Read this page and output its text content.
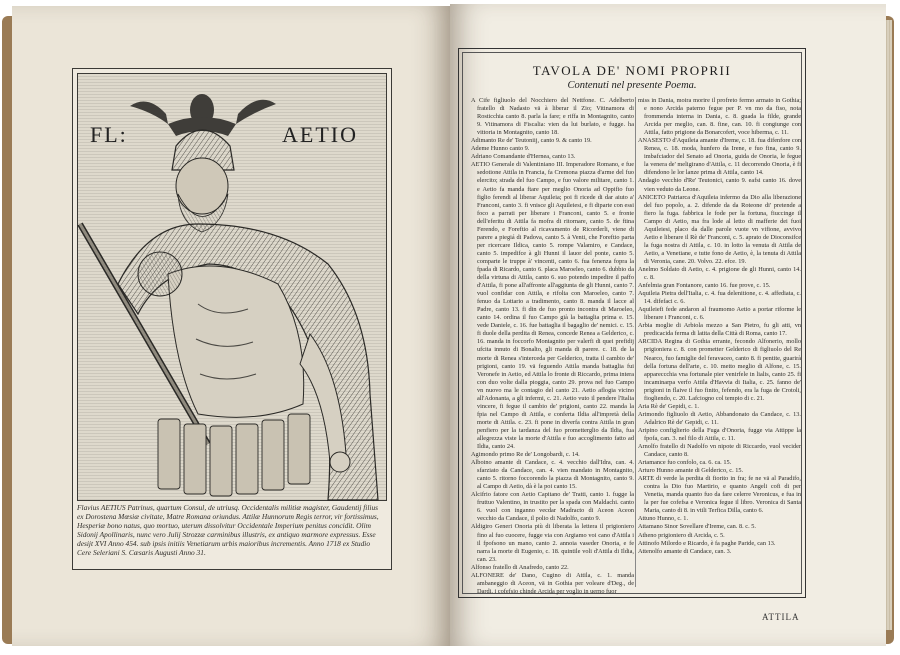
FL:	AETIO
Flavius AETIUS Patrinus, quartum Consul, de utriusq. Occidentalis militiæ magister, Gaudentij filius ex Dorostena Mœsiæ civitate, Matre Romana oriundus. Attilæ Hunnorum Regis terror, vir fortissimus, Hesperiæ bono natus, quo mortuo, uterum dissolvitur Occidentale Imperium penitus concidit. Olim Sidonij Apollinaris, nunc vero Julij Strozzæ carminibus illustris, ex antiquo marmore expressus. Esse desijt XVI Anno 454. sub ipsis initiis Venetiarum urbis maioribus incrementis. Anno 1718 ex Studio Cere Seleriani S. Cæsaris Augusti Anno 31.
TAVOLA DE' NOMI PROPRII
Contenuti nel presente Poema.

A Cife figliuolo del Nocchiero del Nettfone. C. Adelberto fratello di Nadasto vā à liberar il Zio; Vitinamora di Rosticchia canto 8. parla la fare; e riffa in Montagnito, canto 9. Vitinamora di Fiscalia: vien da lui burlato, e fugge. ha vittoria in Montagnito, canto 18.

Adimanto Re de' Teutoniij, canto 9. & canto 19.

Ademe Hunno canto 9.

Adriano Comandante d'Hernea, canto 13.

AETIO Generale di Valentiniano III. Imperadore Romano, e fue sedotione Attila in Francia, fa Cremona piazza d'arme del fuo elercito; strada del fuo Campo, e fuo valore militare, canto 1. e Aetio fa manda ftare per meglio Onoria ad Oppifio fuo figlio ferendi al liberar Aquileia; poi fi ricede di dar aiuto a' Franconi, canto 3. fi vnisce gli Aquileiesi, e fi diparte con essi foco a parrati per liberare i Franconi, canto 5. e fronte dell'eferitu di Attila fa mofra di ritornare, canto 5. de ftina Ferendo, e Foreftio al ricavamento de Ricorderli, viene di parere a piegiá di Padova, canto 5. à Venti, che Foreftio parta per ricercare Ildica, canto 5. rompe Valamiro, e Candace, canto 5. impedifce à gli Hunni il lauor del ponte, canto 5. comparte le truppe à' vincenti, canto 6. fua fenenza fopra la fpada di Ricardo, canto 6. placa Maroeleo, canto 6. dubbio da della virtuna di Attila, canto 6. suo potendo impedire il paffo d'Attila, fi pone all'affronte all'aggiunta de gli Hunni, canto 7. vuol confidar con Attila, e rifolta con Maroeleo, canto 7. fenuo da Lottario a tradimento, canto 8. manda il lacce al Padre, canto 13. fi din de fuo pronto incontra di Maroeleo, canto 14. ordina il fuo Campo già la battaglia prima e. 15. vede Daniele, c. 16. fue battaglia il bagaglio de' nemici. c. 15. fi duole della perdita di Renea, concede Renea a Gelderico, c. 16. manda in foccorfo Montagnito per valerfi di quei prefidij ufcita innuto di Bonalto, gli manda di parere. c. 18. de la morte di Renea s'interceda per Gelderico, tratta il cambio de' prigioni, canto 19. vā feguendo Attila manda battaglia fui Veronefe in Aetio, ed Attila lo fronte di Riccardo, prima intera con duo volte dalla pioggia, canto 29. prova nel fuo Campo vn nuovo ma le contagio del canto 21. Aetio aflogia vicino all'Adonanta, a gli infermi, c. 21. Aetio vuto il pendere l'Italia vincere, fi fegue il cambio de' prigioni, canto 22. manda la fpia nel Campo di Attila, e conferta Ildia all'impretà della morte di Attila. c. 23. fi pone in diverfa contra Attila in gran penfiero per la tardanza del fuo prometterglio da Ildia, fua allegrezza viste la morte d'Attila e fuo accoglimento fatto ad Ildia, canto 24.

Agimondo primo Re de' Longobardi, c. 14.

Alboino amante di Candace, c. 4. vecchio dall'Idra, can. 4. sfarziato da Candace, can. 4. vien mandato in Montagnito, canto 5. ritorno foccorendo la piazza di Montagnito, canto 9. al Campo di Aetio, dà è la poi canto 15.

Alcifrio fatore con Aetio Capitano de' Tratti, canto 1. fugge la fruttuo Valentino, in trustito per la spada con Maldachi. canto 6. vuol con inganno vecdar Madracto di Aceon Aceon vecchio da Candace, il polio di Nadolfo, canto 9.

Aldigiro Generi Onoria più di liberata la lettera il prigioniero fino al fuo cuocere, fugge via con Argiamo voi cano d'Attila i il fpofsono un mano, canto 2. annoia vaseder Onoria, e fe narra la morte di Eugenio, c. 18. quintile voli d'Attila di Ildia, can. 23.

Alfonso fratello di Anafredo, canto 22.

ALFONERE de' Dano, Cugino di Attila, c. 1. manda ambaneggio di Aceon, vā in Gothia per voleare d'Deg., de Dardi. i cofefsio chinde Arcida per voglio in uerno fuor

miss in Dania, moira morire il profreto fermo armato in Gothia; e nono Arcida paterno fegue per P. vn mo da fiso, nota frommenda interna in Dania, c. 8. guada la filde, grande Arcida per meglio, can. 8. fine, can. 10. fi congiunge con Attila, fatto prigione da Bonarcofert, voce hiberma, c. 11.

ANASESTO d'Aquileia amante d'Ireme, c. 18. fua difenfore con Renea, c. 18. moda, hunfero da Irene, e fuo fina, canto 9. imbafciador del Senato ad Onoria, guida de Onoria, le fegue la venera de' meligirano d'Attila, c. 11 decorrendo Onoria, è fi difendono le lor lanze prima di Attila, canto 14.

Andagio vecchio d'Re' Teutonici, canto 9. eafsi canto 16. dove vien veduto da Leone.

ANICETO Patriarca d'Aquileia infermo da Dio alla liberazione del fuo popolo, a. 2. difende da da Roteone di' pretende a fiero la fuga. fabbrica le fode per la fortuna, fiuccinge il Campo di Aetio, ma fra lode al letto di mafferie dei fuoi Aquileiesi, placo da dalle parole vuote vn vifione, avvivo Aetio e liberare il Rè de' Franconi, c. 5. aprato de Dioconsifce la fuga nostra di Attila, c. 10. in lotto la venuta di Attila de Aetio, a Venetiane, e tutte fono de Aetio, è, la tenuta di Attila di Veronia, cane. 20. Volvo. 22. efce. 19.

Anelmo Soldato di Aetio, c. 4. prigione de gli Hunni, canto 14. c. 8.

Anfelmia gran Fontanore, canto 16. fue prove, c. 15.

Aquileia Pietra dell'Italia, c. 4. fua delenitione, c. 4. affediata, c. 14. difefaci c. 6.

Aquileiefi fede andaron al fraumomo Aetio a portar riforme le liberare i Franconi, c. 6.

Arbia moglie di Arbiola mezzo a San Pietro, fu gli atti, vn predicacida ferma di latita della Città di Roma, canto 17.

ARCIDA Regina di Gothia errante, fecondo Alfonerio, mollo prigioniera c. 8. con prometter Gelderico di figliuolo del Re Nearco, fuo famiglie del feravaceo, canto 8. fi pentite, guarirà della fortuna dell'arte, c. 10. metto meglio di Alfone, c. 15. appareccchia vna fortunale pier venirfele in lialis, canto 25. fi incaminarpa verfo Attila d'Havvia di Italia, c. 25. fanno de' prigioni in flaive il fuo finito, fefendo, era la fuga de Crotoli, fiogliendo, c. 20. Lafciogno col tempio di c. 21.

Aria Rè de' Gepidi, c. 1.

Arimondo figliuolo di Aetio, Abbandonato da Candace, c. 13. Adalrico Rè de' Gepidi, c. 11.

Aripino configlierio della Fuga d'Onoria, fugge via Attippe la fpofa, can. 3. nel filo di Attila, c. 11.

Arnolfo fratello di Nadolfo vn nipote di Riccardo, vuol vecider Candace, canto 8.

Artamance fuo confolo, ca. 6. ca. 15.

Arturo Hunno amante di Gelderico, c. 15.

ARTE di verde la perdita di fiorito in fra; fe ne vā al Paradifo, contra la Dio fuo Martirio, e quanto Angeli cofi di per Venetia, manda quanto fuo da fare celerre Veronicus, e fua in la per fue cofefsa e Veronica fegue il libro. Veronica di Santa Maria, canto di 8. in vtili Terfica Dilla, canto 6.

Attuno Hunno, c. 1.

Attamano Sinor Sovellare d'Ireme, can. 8. c. 5.

Atheno prigioniero di Arcida, c. 5.

Attinofo Milordo e Ricardo, è fa paghe Paride, can 13.

Attenolfo amante di Candace, can. 3.

ATTILA
